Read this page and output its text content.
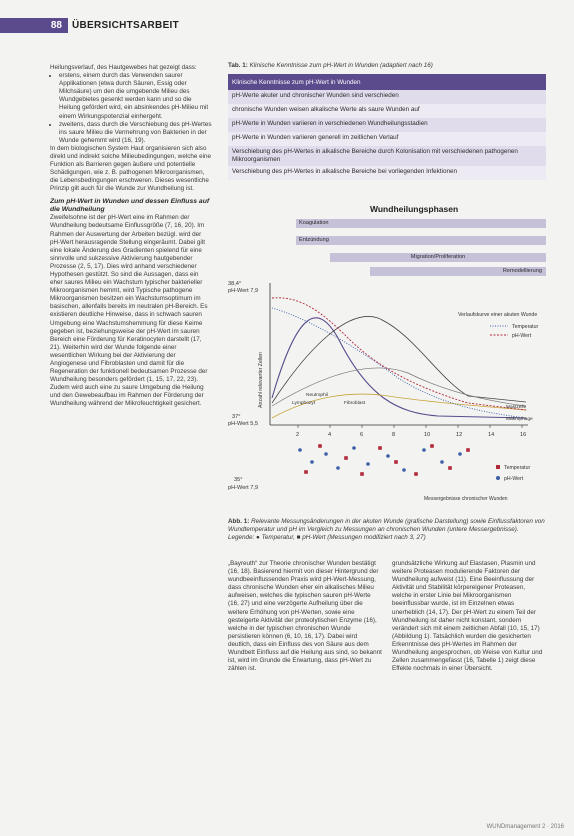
88	ÜBERSICHTSARBEIT

Heilungsverlauf, des Hautgewebes hat gezeigt dass:

• erstens, einem durch das Verwenden saurer Applikationen (etwa durch Säuren, Essig oder Milchsäure) um den die umgebende Milieu des Wundgebietes gesenkt werden kann und so die Heilung gefördert wird, ein absinkendes pH-Milieu mit einem Wirkungspotenzial einhergeht.
• zweitens, dass durch die Verschiebung des pH-Wertes ins saure Milieu die Vermehrung von Bakterien in der Wunde gehemmt wird (16, 19).

In dem biologischen System Haut organisieren sich also direkt und indirekt solche Milieubedingungen, welche eine Funktion als Barrieren gegen äußere und potentielle Schädigungen, wie z. B. pathogenen Mikroorganismen, die Lebensbedingungen erschweren. Dieses wesentliche Prinzip gilt auch für die Wunde zur Wundheilung ist.

Zum pH-Wert in Wunden und dessen Einfluss auf die Wundheilung

Zweifelsohne ist der pH-Wert eine im Rahmen der Wundheilung bedeutsame Einflussgröße (7, 16, 20). Im Rahmen der Auswertung der Arbeiten bezügl. wird der pH-Wert herausragende Stellung eingeräumt. Dabei gilt eine lokale Änderung des Gradienten spielend für eine sinnvolle und sukzessive Aktivierung hautgebender Prozesse (2, 5, 17). Dies wird anhand verschiedener Hypothesen gestützt. So sind die Aussagen, dass ein eher saures Milieu ein Wachstum typischer bakterieller Mikroorganismen hemmt, wird Typische pathogene Mikroorganismen besitzen ein Wachstumsoptimum im basischen, allenfalls bereits im neutralen pH-Bereich. Es existieren deutliche Hinweise, dass in schwach sauren Umgebung eine Wachstumshemmung für diese Keime gegeben ist, beziehungsweise der pH-Wert im sauren Bereich eine Förderung für Keratinocyten darstellt (17, 21). Weiterhin wird der Wunde folgende einer wesentlichen Wirkung bei der Aktivierung der Angiogenese und Fibroblasten und damit für die Regeneration der funktionell bedeutsamen Prozesse der Wundheilung besonders gefördert (1, 15, 17, 22, 23). Zudem wird auch eine zu saure Umgebung die Heilung und den Gewebeaufbau im Rahmen der Förderung der Wundheilung während der Mikrofeuchtigkeit gesichert.

Tab. 1: Klinische Kenntnisse zum pH-Wert in Wunden (adaptiert nach 16)
Klinische Kenntnisse zum pH-Wert in Wunden
pH-Werte akuter und chronischer Wunden sind verschieden
chronische Wunden weisen alkalische Werte als saure Wunden auf
pH-Werte in Wunden variieren in verschiedenen Wundheilungsstadien
pH-Werte in Wunden variieren generell im zeitlichen Verlauf
Verschiebung des pH-Wertes in alkalische Bereiche durch Kolonisation mit verschiedenen pathogenen Mikroorganismen
Verschiebung des pH-Wertes in alkalische Bereiche bei vorliegenden Infektionen
Wundheilungsphasen
Koagulation
Entzündung
Migration/Proliferation
Remodellierung
38,4°
pH-Wert 7,9
37°
pH-Wert 5,5
35°
pH-Wert 7,9
Anzahl relevanter Zellen	Neutrophil
Fibroblast
Lymphozyt
Mastzelle
Makrophage
Verlaufskurve einer akuten Wunde
Temperatur
pH-Wert
2	4	6	8	10	12	14	16
Temperatur
pH-Wert
Messergebnisse chronischer Wunden
Abb. 1: Relevante Messungsänderungen in der akuten Wunde (grafische Darstellung) sowie Einflussfaktoren von Wundtemperatur und pH im Vergleich zu Messungen an chronischen Wunden (untere Messergebnisse). Legende: ● Temperatur, ■ pH-Wert (Messungen modifiziert nach 3, 27)
„Bayreuth“ zur Theorie chronischer Wunden bestätigt (16, 18). Basierend hiermit von dieser Hintergrund der wundbeeinflussenden Praxis wird pH-Wert-Messung, dass chronische Wunden eher ein alkalisches Milieu aufweisen, welches die typischen sauren pH-Werte (16, 27) und eine verzögerte Aufheilung über die weitere Erhöhung von pH-Werten, sowie eine gesteigerte Aktivität der proteolytischen Enzyme (16), welche in der typischen chronischen Wunde persistieren können (6, 10, 16, 17). Dabei wird deutlich, dass ein Einfluss des von Säure aus dem Wundbett Einfluss auf die Heilung aus sind, so bekannt ist, wird im Grunde die Erwartung, dass pH-Wert zu zählen ist.
grundsätzliche Wirkung auf Elastasen, Plasmin und weitere Proteasen modulierende Faktoren der Wundheilung aufweist (11). Eine Beeinflussung der Aktivität und Stabilität körpereigener Proteasen, welche in erster Linie bei Mikroorganismen beeinflussbar wurde, ist im Einzelnen etwas unerheblich (14, 17). Der pH-Wert zu einem Teil der Wundheilung ist daher nicht konstant, sondern verändert sich mit einem zeitlichen Abfall (10, 15, 17) (Abbildung 1). Tatsächlich wurden die gesicherten Erkenntnisse des pH-Wertes im Rahmen der Wundheilung angesprochen, ob Weise von Kultur und Zellen zusammengefasst (16, Tabelle 1) zeigt diese Effekte nochmals in einer Übersicht.
WUNDmanagement 2 · 2016
